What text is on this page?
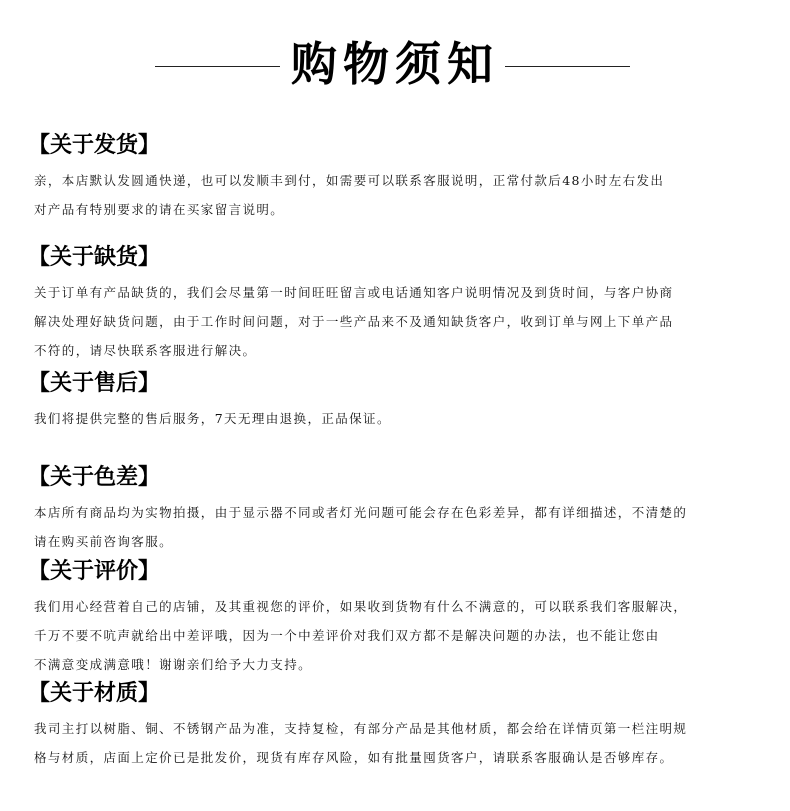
购物须知
【关于发货】

亲，本店默认发圆通快递，也可以发顺丰到付，如需要可以联系客服说明，正常付款后48小时左右发出

对产品有特别要求的请在买家留言说明。

【关于缺货】

关于订单有产品缺货的，我们会尽量第一时间旺旺留言或电话通知客户说明情况及到货时间，与客户协商

解决处理好缺货问题，由于工作时间问题，对于一些产品来不及通知缺货客户，收到订单与网上下单产品

不符的，请尽快联系客服进行解决。

【关于售后】

我们将提供完整的售后服务，7天无理由退换，正品保证。

【关于色差】

本店所有商品均为实物拍摄，由于显示器不同或者灯光问题可能会存在色彩差异，都有详细描述，不清楚的

请在购买前咨询客服。

【关于评价】

我们用心经营着自己的店铺，及其重视您的评价，如果收到货物有什么不满意的，可以联系我们客服解决，

千万不要不吭声就给出中差评哦，因为一个中差评价对我们双方都不是解决问题的办法，也不能让您由

不满意变成满意哦！谢谢亲们给予大力支持。

【关于材质】

我司主打以树脂、铜、不锈钢产品为准，支持复检，有部分产品是其他材质，都会给在详情页第一栏注明规

格与材质，店面上定价已是批发价，现货有库存风险，如有批量囤货客户，请联系客服确认是否够库存。
